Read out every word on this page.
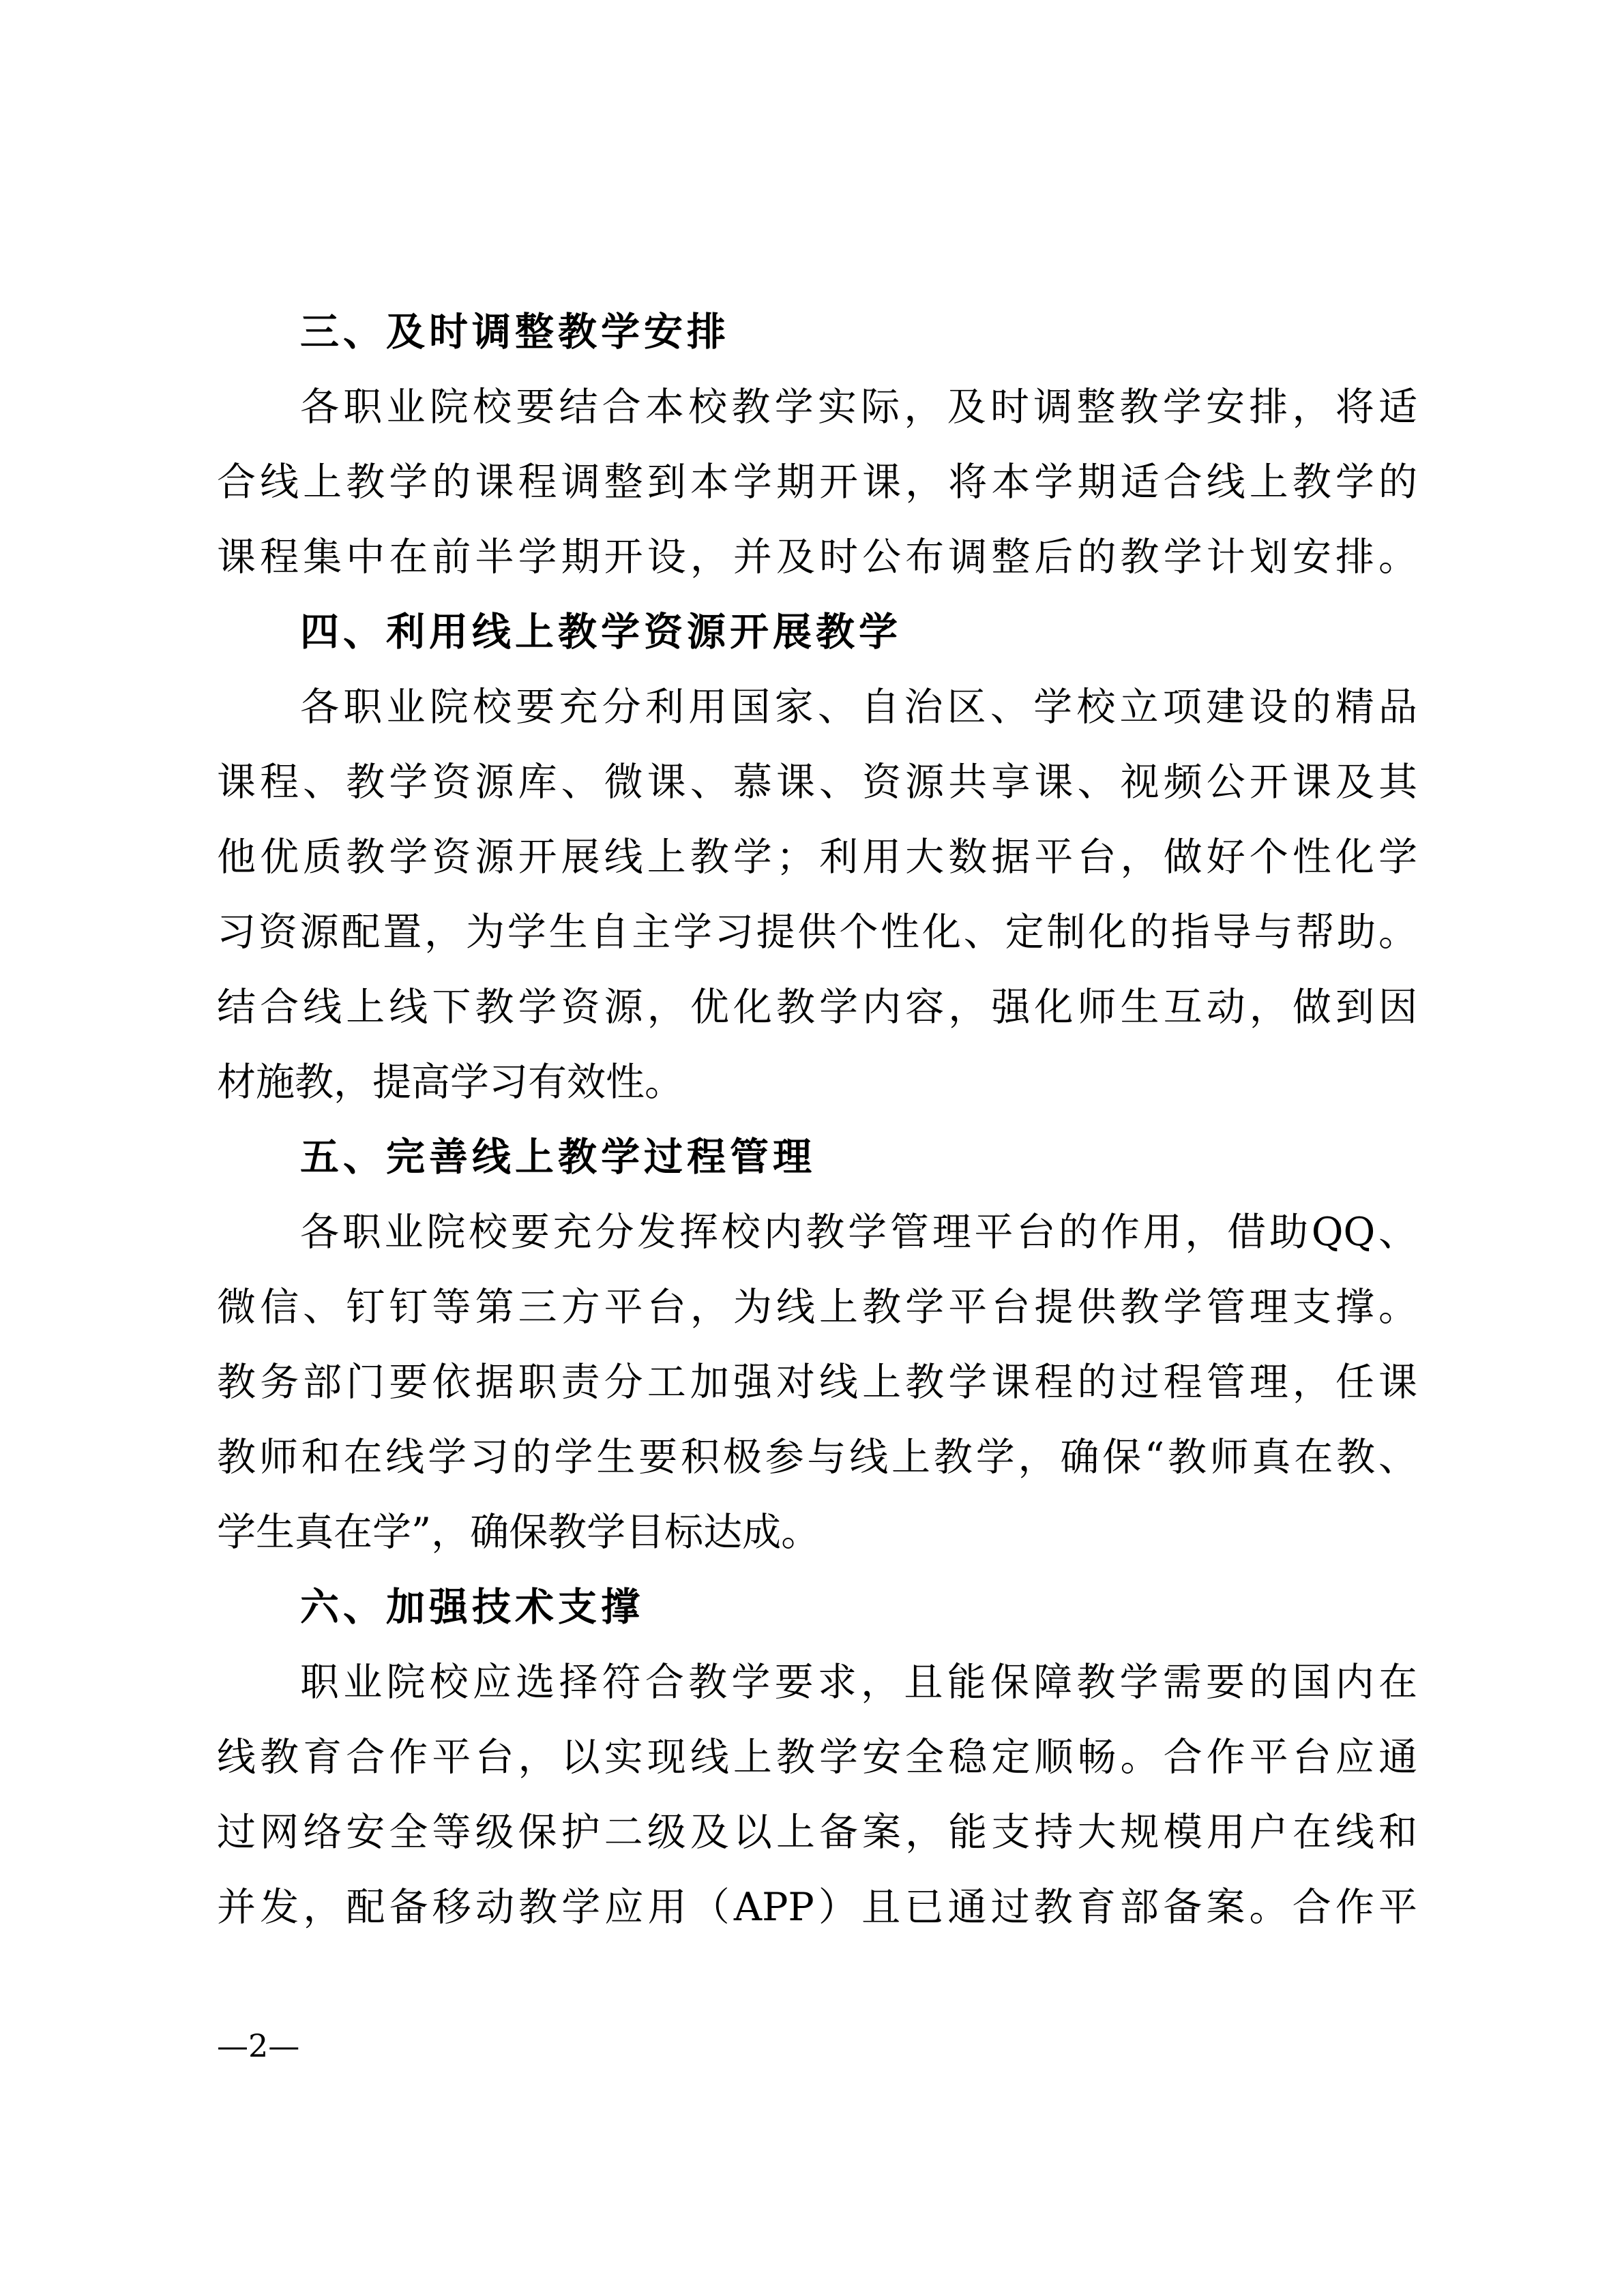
三、及时调整教学安排
各职业院校要结合本校教学实际，及时调整教学安排，将适
合线上教学的课程调整到本学期开课，将本学期适合线上教学的
课程集中在前半学期开设，并及时公布调整后的教学计划安排。
四、利用线上教学资源开展教学
各职业院校要充分利用国家、自治区、学校立项建设的精品
课程、教学资源库、微课、慕课、资源共享课、视频公开课及其
他优质教学资源开展线上教学；利用大数据平台，做好个性化学
习资源配置，为学生自主学习提供个性化、定制化的指导与帮助。
结合线上线下教学资源，优化教学内容，强化师生互动，做到因
材施教，提高学习有效性。
五、完善线上教学过程管理
各职业院校要充分发挥校内教学管理平台的作用，借助QQ、
微信、钉钉等第三方平台，为线上教学平台提供教学管理支撑。
教务部门要依据职责分工加强对线上教学课程的过程管理，任课
教师和在线学习的学生要积极参与线上教学，确保“教师真在教、
学生真在学”，确保教学目标达成。
六、加强技术支撑
职业院校应选择符合教学要求，且能保障教学需要的国内在
线教育合作平台，以实现线上教学安全稳定顺畅。合作平台应通
过网络安全等级保护二级及以上备案，能支持大规模用户在线和
并发，配备移动教学应用（APP）且已通过教育部备案。合作平
—2—
